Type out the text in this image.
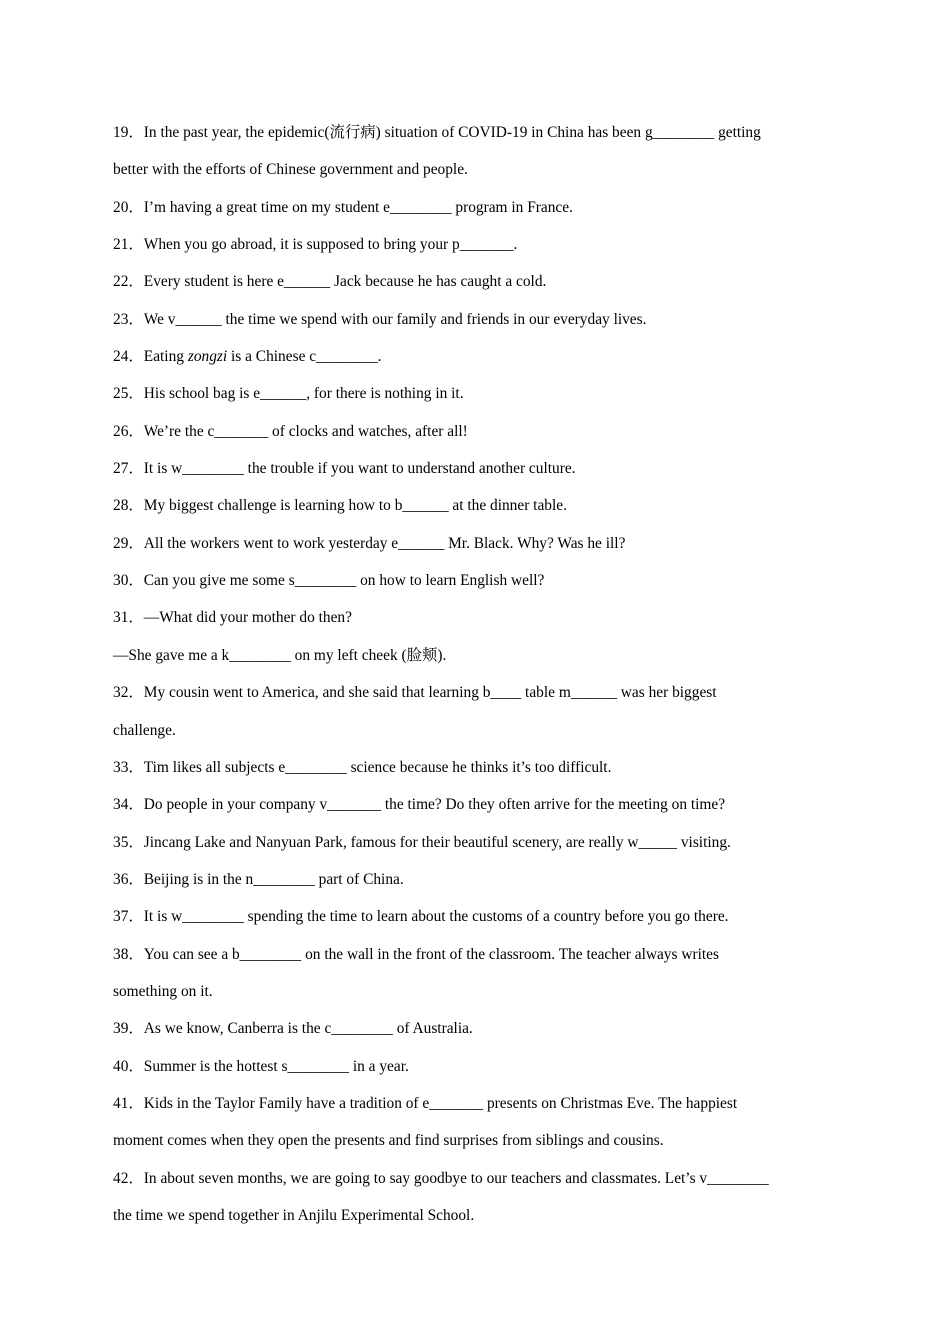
19．In the past year, the epidemic(流行病) situation of COVID-19 in China has been g________ getting
better with the efforts of Chinese government and people.
20．I’m having a great time on my student e________ program in France.
21．When you go abroad, it is supposed to bring your p_______.
22．Every student is here e______ Jack because he has caught a cold.
23．We v______ the time we spend with our family and friends in our everyday lives.
24．Eating zongzi is a Chinese c________.
25．His school bag is e______, for there is nothing in it.
26．We’re the c_______ of clocks and watches, after all!
27．It is w________ the trouble if you want to understand another culture.
28．My biggest challenge is learning how to b______ at the dinner table.
29．All the workers went to work yesterday e______ Mr. Black. Why? Was he ill?
30．Can you give me some s________ on how to learn English well?
31．—What did your mother do then?
—She gave me a k________ on my left cheek (脸颊).
32．My cousin went to America, and she said that learning b____ table m______ was her biggest
challenge.
33．Tim likes all subjects e________ science because he thinks it’s too difficult.
34．Do people in your company v_______ the time? Do they often arrive for the meeting on time?
35．Jincang Lake and Nanyuan Park, famous for their beautiful scenery, are really w_____ visiting.
36．Beijing is in the n________ part of China.
37．It is w________ spending the time to learn about the customs of a country before you go there.
38．You can see a b________ on the wall in the front of the classroom. The teacher always writes
something on it.
39．As we know, Canberra is the c________ of Australia.
40．Summer is the hottest s________ in a year.
41．Kids in the Taylor Family have a tradition of e_______ presents on Christmas Eve. The happiest
moment comes when they open the presents and find surprises from siblings and cousins.
42．In about seven months, we are going to say goodbye to our teachers and classmates. Let’s v________
the time we spend together in Anjilu Experimental School.
